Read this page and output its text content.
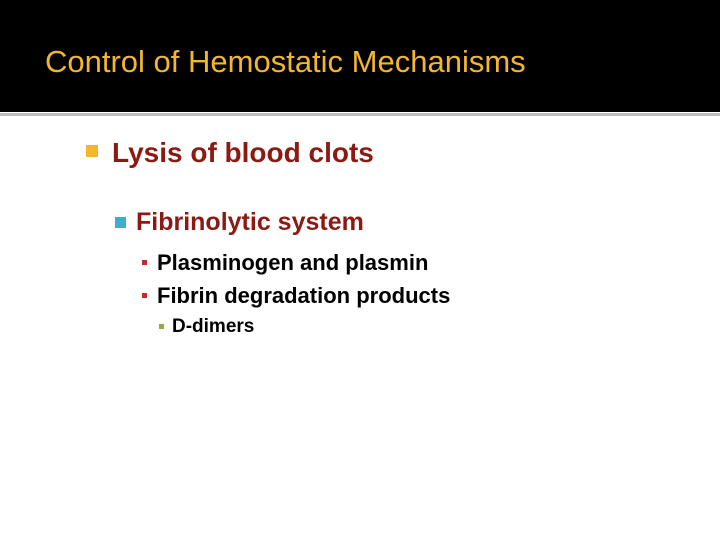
Control of Hemostatic Mechanisms
Lysis of blood clots
Fibrinolytic system
Plasminogen and plasmin
Fibrin degradation products
D-dimers
